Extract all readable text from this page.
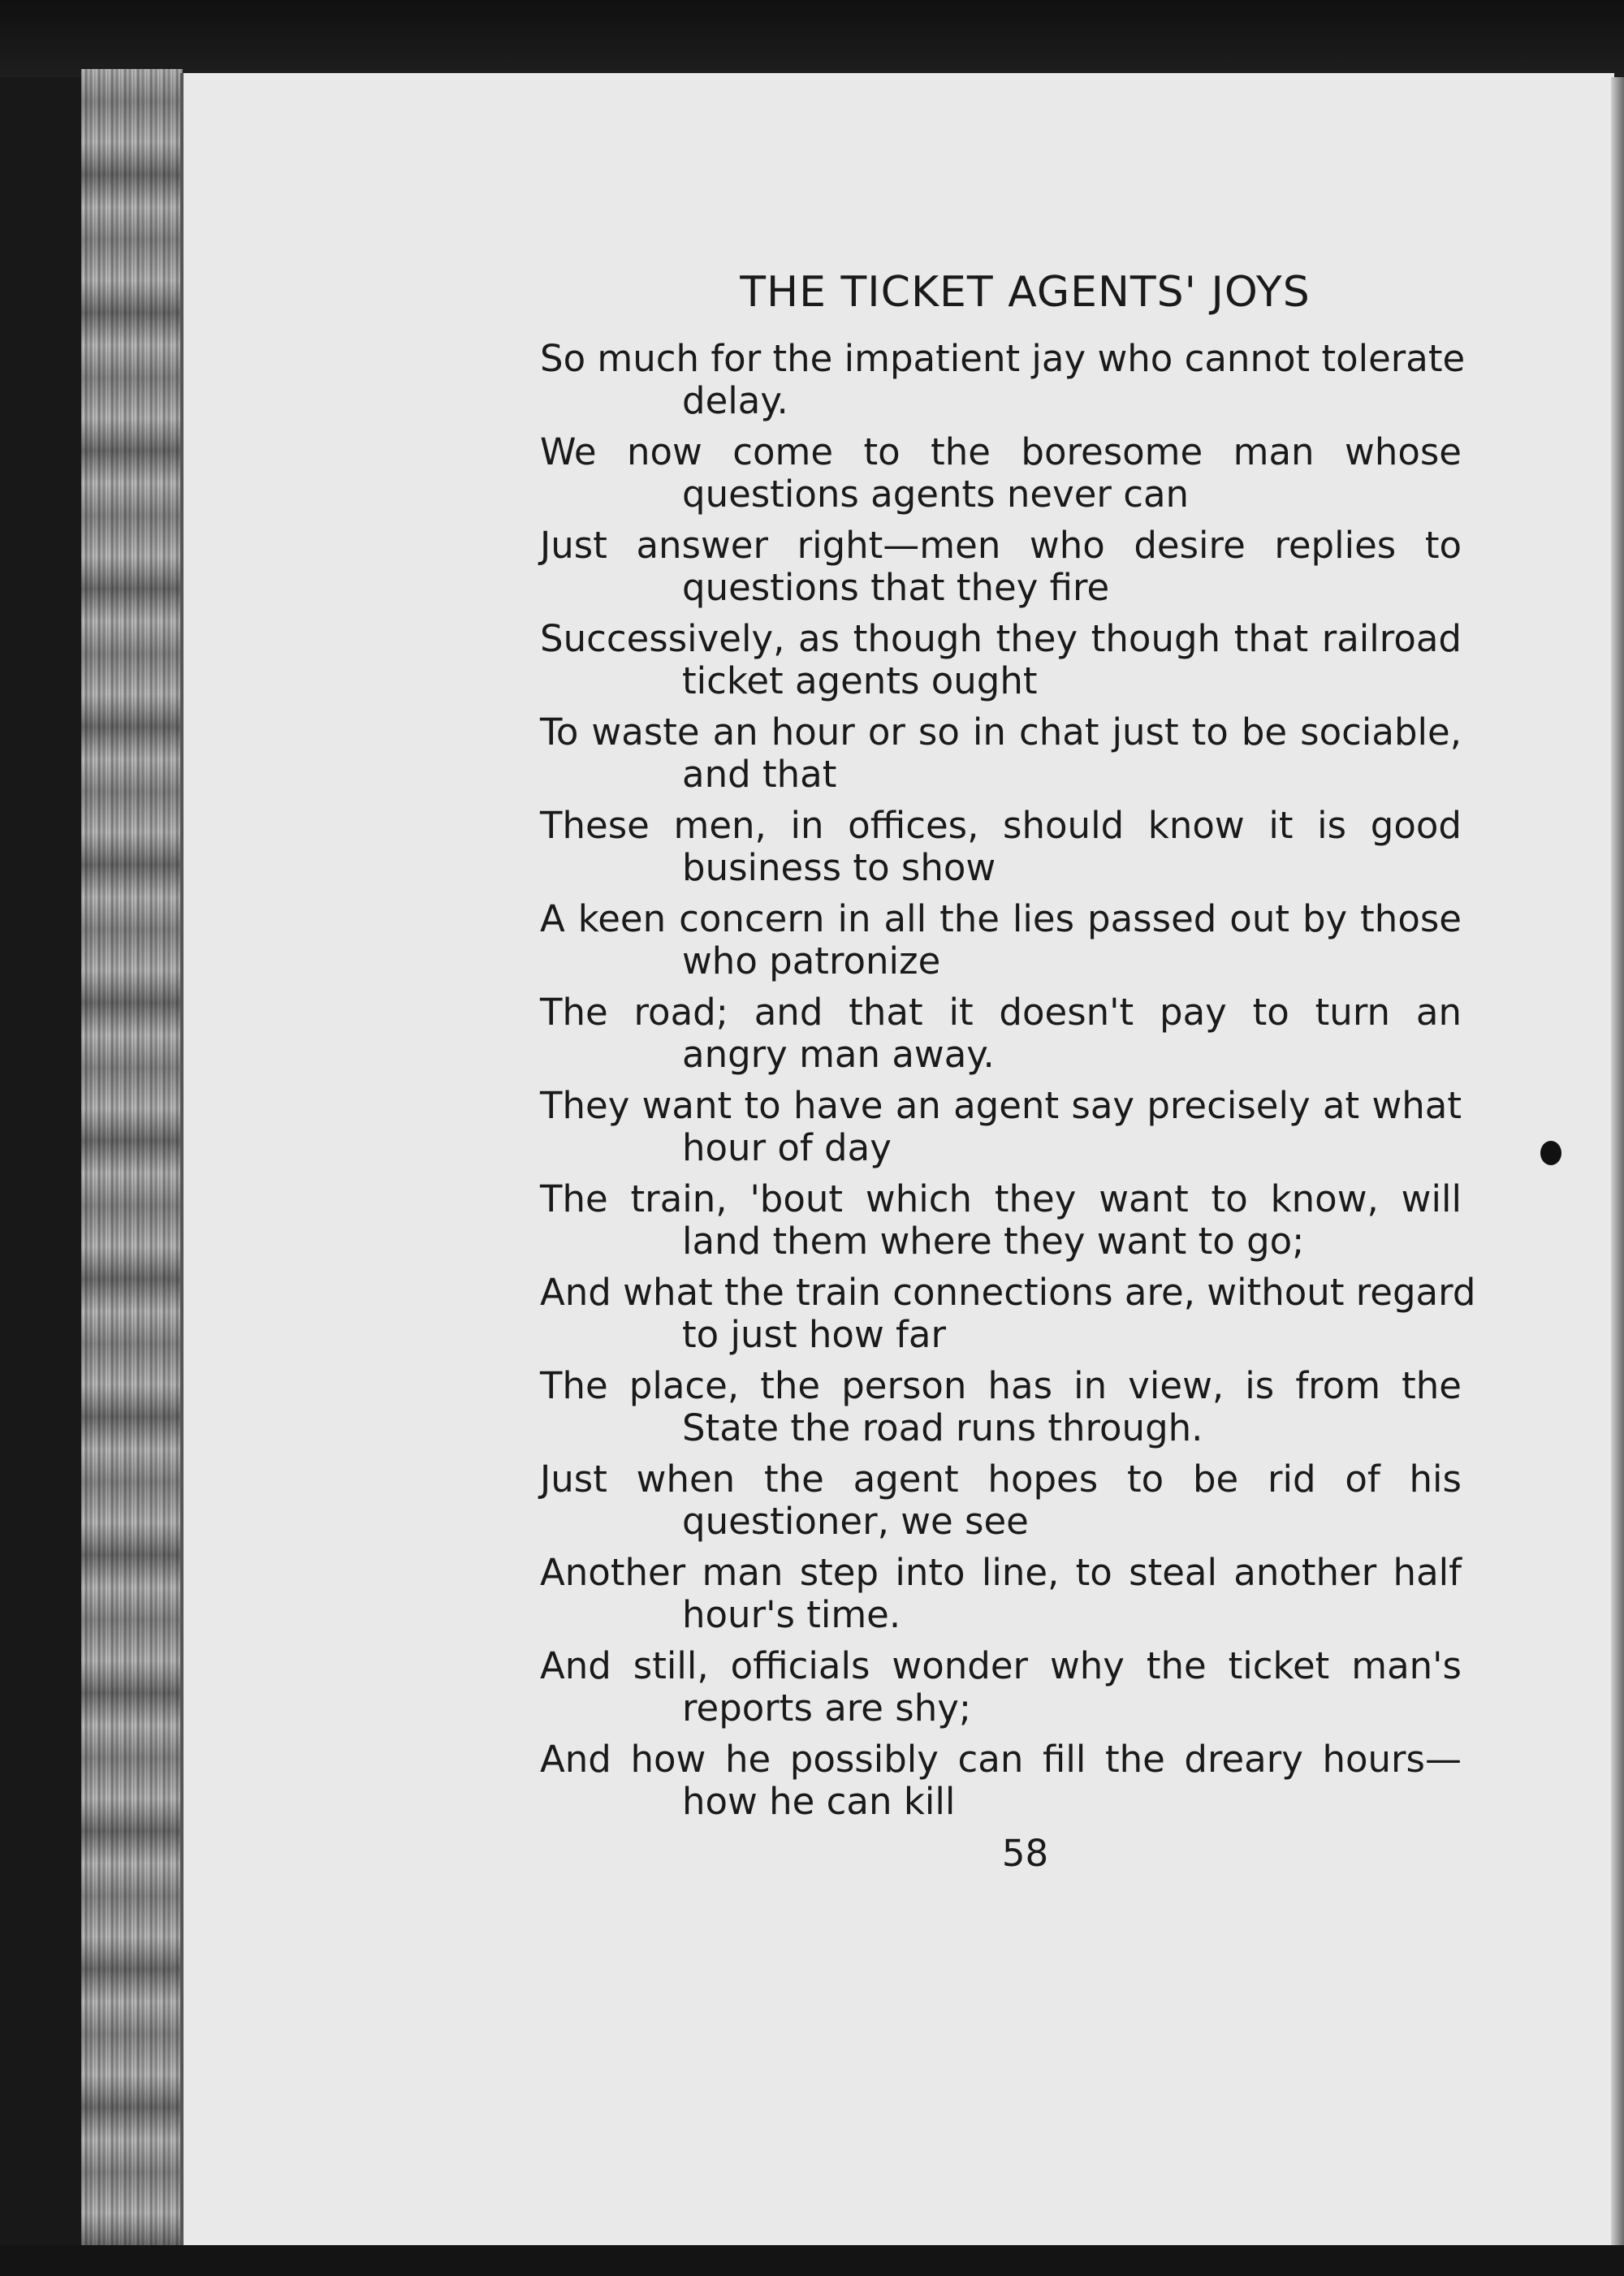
THE TICKET AGENTS' JOYS
So much for the impatient jay who cannot tolerate
delay.
We now come to the boresome man whose
questions agents never can
Just answer right—men who desire replies to
questions that they fire
Successively, as though they though that railroad
ticket agents ought
To waste an hour or so in chat just to be sociable,
and that
These men, in offices, should know it is good
business to show
A keen concern in all the lies passed out by those
who patronize
The road; and that it doesn't pay to turn an
angry man away.
They want to have an agent say precisely at what
hour of day
The train, 'bout which they want to know, will
land them where they want to go;
And what the train connections are, without regard
to just how far
The place, the person has in view, is from the
State the road runs through.
Just when the agent hopes to be rid of his
questioner, we see
Another man step into line, to steal another half
hour's time.
And still, officials wonder why the ticket man's
reports are shy;
And how he possibly can fill the dreary hours—
how he can kill
58
